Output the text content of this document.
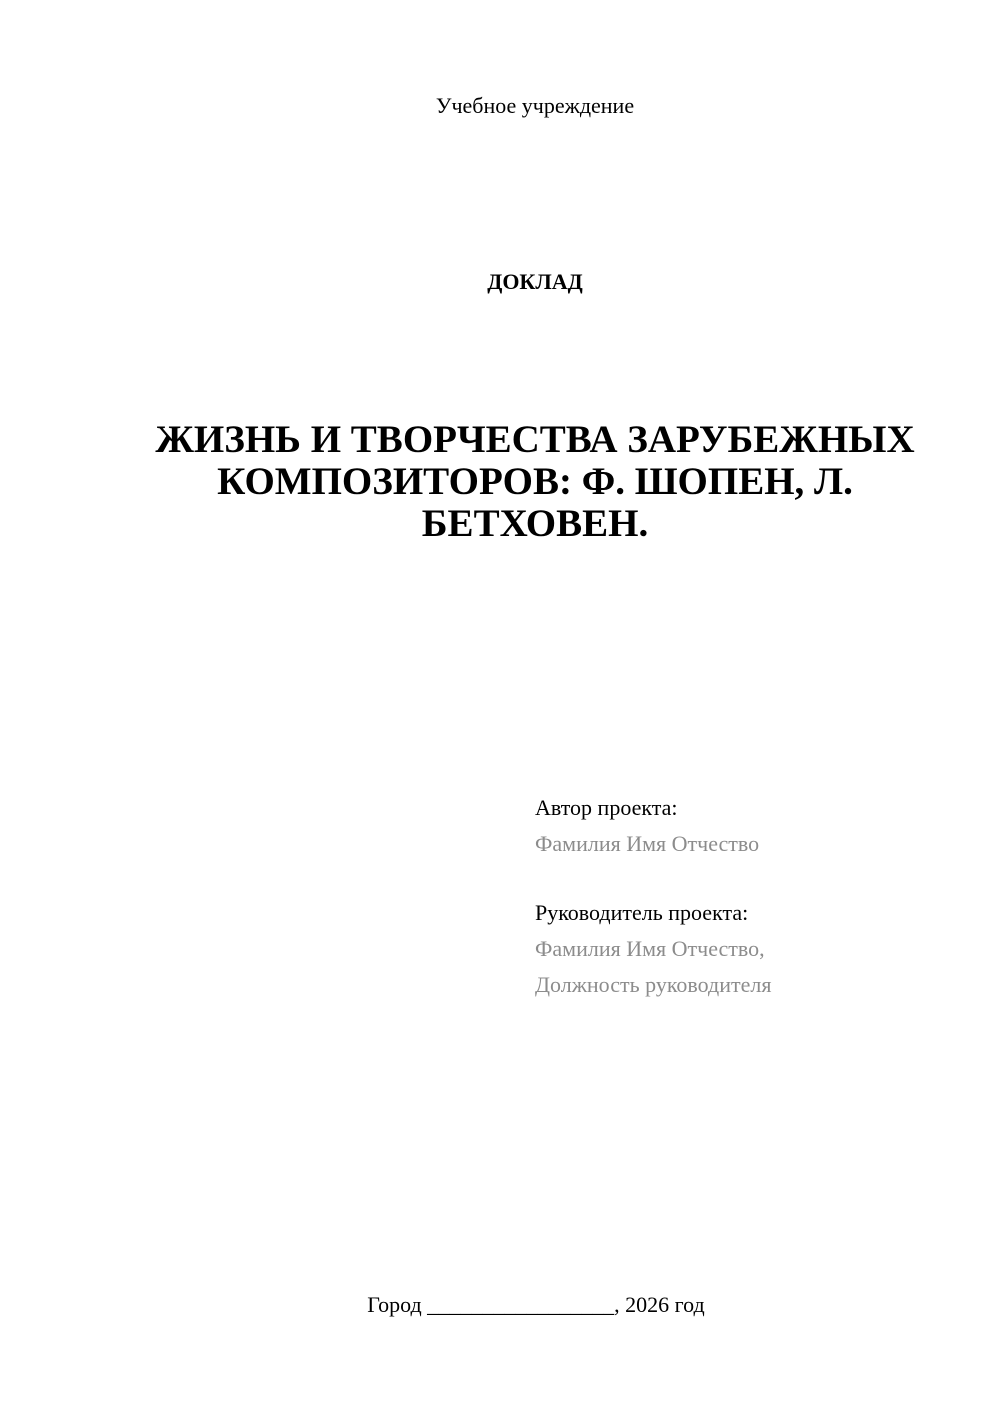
Учебное учреждение
ДОКЛАД
ЖИЗНЬ И ТВОРЧЕСТВА ЗАРУБЕЖНЫХ
КОМПОЗИТОРОВ: Ф. ШОПЕН, Л.
БЕТХОВЕН.
Автор проекта:
Фамилия Имя Отчество
Руководитель проекта:
Фамилия Имя Отчество,
Должность руководителя
Город _________________, 2026 год
